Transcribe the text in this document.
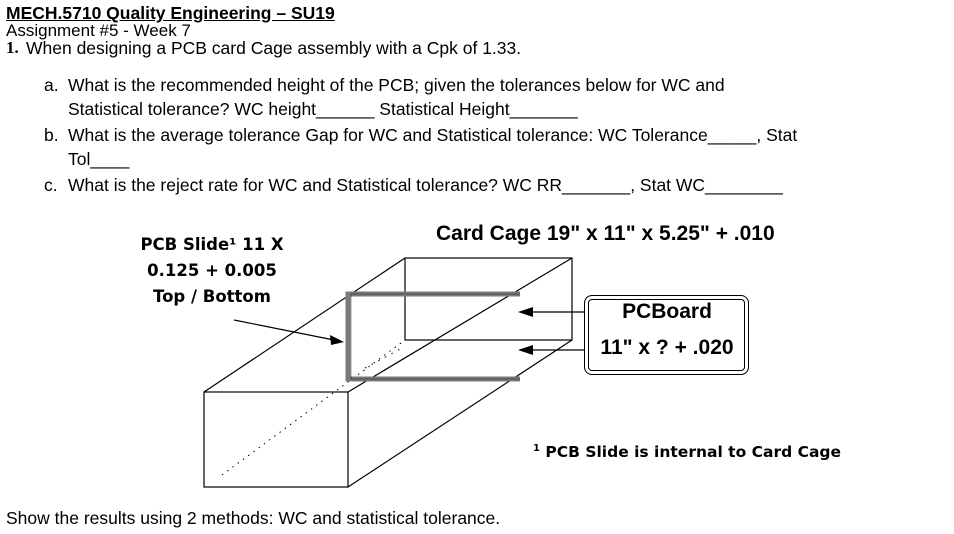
MECH.5710 Quality Engineering – SU19
Assignment #5 - Week 7
1. When designing a PCB card Cage assembly with a Cpk of 1.33.
a. What is the recommended height of the PCB; given the tolerances below for WC and
Statistical tolerance? WC height______ Statistical Height_______
b. What is the average tolerance Gap for WC and Statistical tolerance: WC Tolerance_____, Stat
Tol____
c. What is the reject rate for WC and Statistical tolerance? WC RR_______, Stat WC________
PCB Slide¹ 11 X
0.125 + 0.005
Top / Bottom
Card Cage 19" x 11" x 5.25" + .010
PCBoard
11" x ? + .020
$^1$ PCB Slide is internal to Card Cage
Show the results using 2 methods: WC and statistical tolerance.
